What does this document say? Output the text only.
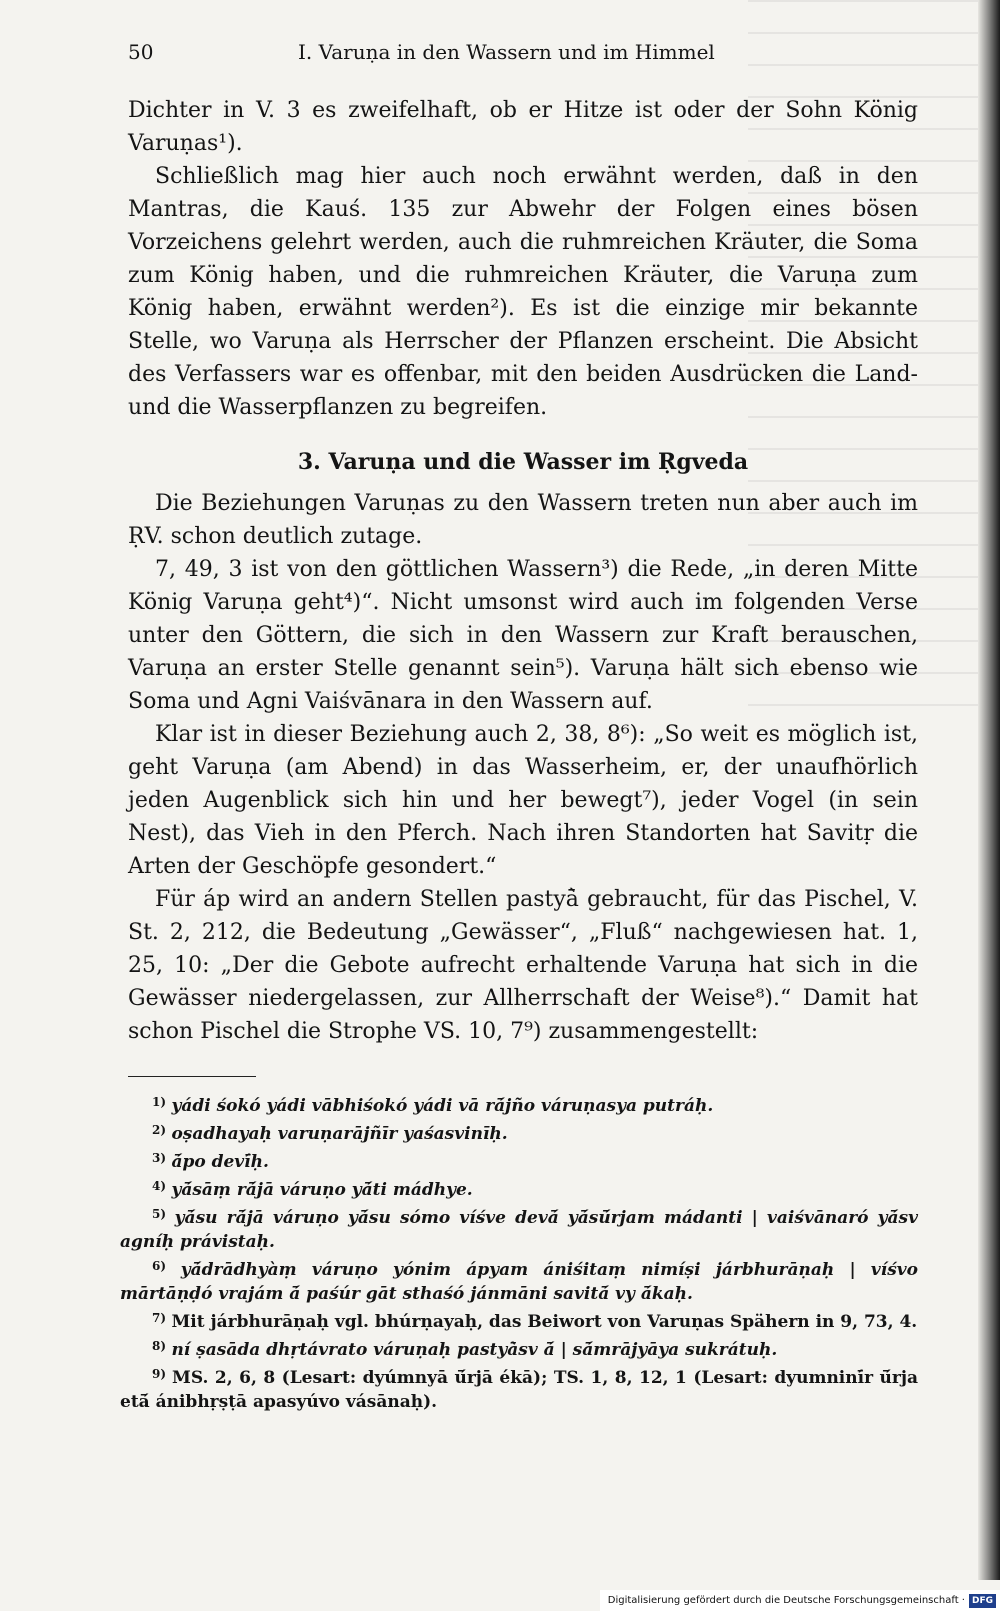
50	I. Varuṇa in den Wassern und im Himmel

Dichter in V. 3 es zweifelhaft, ob er Hitze ist oder der Sohn König Varuṇas¹).

Schließlich mag hier auch noch erwähnt werden, daß in den Mantras, die Kauś. 135 zur Abwehr der Folgen eines bösen Vorzeichens gelehrt werden, auch die ruhmreichen Kräuter, die Soma zum König haben, und die ruhmreichen Kräuter, die Varuṇa zum König haben, erwähnt werden²). Es ist die einzige mir bekannte Stelle, wo Varuṇa als Herrscher der Pflanzen erscheint. Die Absicht des Verfassers war es offenbar, mit den beiden Ausdrücken die Land- und die Wasserpflanzen zu begreifen.

3. Varuṇa und die Wasser im Ṛgveda

Die Beziehungen Varuṇas zu den Wassern treten nun aber auch im ṚV. schon deutlich zutage.

7, 49, 3 ist von den göttlichen Wassern³) die Rede, „in deren Mitte König Varuṇa geht⁴)“. Nicht umsonst wird auch im folgenden Verse unter den Göttern, die sich in den Wassern zur Kraft berauschen, Varuṇa an erster Stelle genannt sein⁵). Varuṇa hält sich ebenso wie Soma und Agni Vaiśvānara in den Wassern auf.

Klar ist in dieser Beziehung auch 2, 38, 8⁶): „So weit es möglich ist, geht Varuṇa (am Abend) in das Wasserheim, er, der unaufhörlich jeden Augenblick sich hin und her bewegt⁷), jeder Vogel (in sein Nest), das Vieh in den Pferch. Nach ihren Standorten hat Savitṛ die Arten der Geschöpfe gesondert.“

Für áp wird an andern Stellen pastyā̀ gebraucht, für das Pischel, V. St. 2, 212, die Bedeutung „Gewässer“, „Fluß“ nachgewiesen hat. 1, 25, 10: „Der die Gebote aufrecht erhaltende Varuṇa hat sich in die Gewässer niedergelassen, zur Allherrschaft der Weise⁸).“ Damit hat schon Pischel die Strophe VS. 10, 7⁹) zusammengestellt:

$^{1)}$ yádi śokó yádi vābhiśokó yádi vā rā́jño váruṇasya putráḥ.

$^{2)}$ oṣadhayaḥ varuṇarājñīr yaśasvinīḥ.

$^{3)}$ ā́po devī́ḥ.

$^{4)}$ yā́sāṃ rā́jā váruṇo yā́ti mádhye.

$^{5)}$ yā́su rā́jā váruṇo yā́su sómo víśve devā́ yā́sū́rjam mádanti | vaiśvānaró yā́sv agníḥ právistaḥ.

$^{6)}$ yā́drādhyàṃ váruṇo yónim ápyam ániśitaṃ nimíṣi járbhurāṇaḥ | víśvo mārtāṇḍó vrajám ā́ paśúr gāt sthaśó jánmāni savitā́ vy ā́kaḥ.

$^{7)}$ Mit járbhurāṇaḥ vgl. bhúrṇayaḥ, das Beiwort von Varuṇas Spähern in 9, 73, 4.

$^{8)}$ ní ṣasāda dhṛtávrato váruṇaḥ pastyā̀sv ā́ | sā́mrājyāya sukrátuḥ.

$^{9)}$ MS. 2, 6, 8 (Lesart: dyúmnyā ū́rjā ékā); TS. 1, 8, 12, 1 (Lesart: dyumninī́r ū́rja etā́ ánibhṛṣṭā apasyúvo vásānaḥ).

Digitalisierung gefördert durch die Deutsche Forschungsgemeinschaft · DFG
